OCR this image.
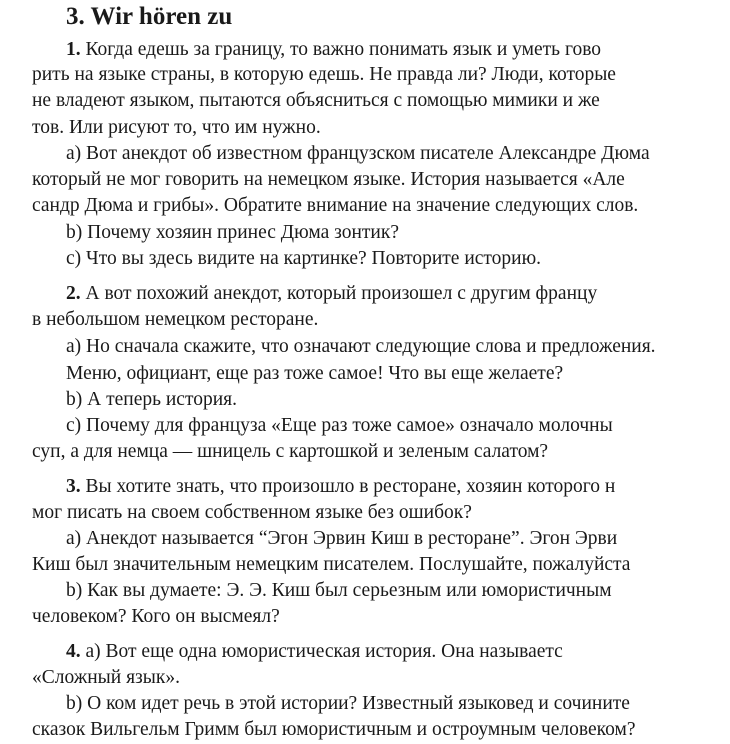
3. Wir hören zu

1. Когда едешь за границу, то важно понимать язык и уметь гово

рить на языке страны, в которую едешь. Не правда ли? Люди, которые

не владеют языком, пытаются объясниться с помощью мимики и же

тов. Или рисуют то, что им нужно.

a) Вот анекдот об известном французском писателе Александре Дюма

который не мог говорить на немецком языке. История называется «Але

сандр Дюма и грибы». Обратите внимание на значение следующих слов.

b) Почему хозяин принес Дюма зонтик?

c) Что вы здесь видите на картинке? Повторите историю.

2. А вот похожий анекдот, который произошел с другим францу

в небольшом немецком ресторане.

a) Но сначала скажите, что означают следующие слова и предложения.

Меню, официант, еще раз тоже самое! Что вы еще желаете?

b) А теперь история.

c) Почему для француза «Еще раз тоже самое» означало молочны

суп, а для немца — шницель с картошкой и зеленым салатом?

3. Вы хотите знать, что произошло в ресторане, хозяин которого н

мог писать на своем собственном языке без ошибок?

a) Анекдот называется “Эгон Эрвин Киш в ресторане”. Эгон Эрви

Киш был значительным немецким писателем. Послушайте, пожалуйста

b) Как вы думаете: Э. Э. Киш был серьезным или юмористичным

человеком? Кого он высмеял?

4. a) Вот еще одна юмористическая история. Она называетс

«Сложный язык».

b) О ком идет речь в этой истории? Известный языковед и сочините

сказок Вильгельм Гримм был юмористичным и остроумным человеком?
